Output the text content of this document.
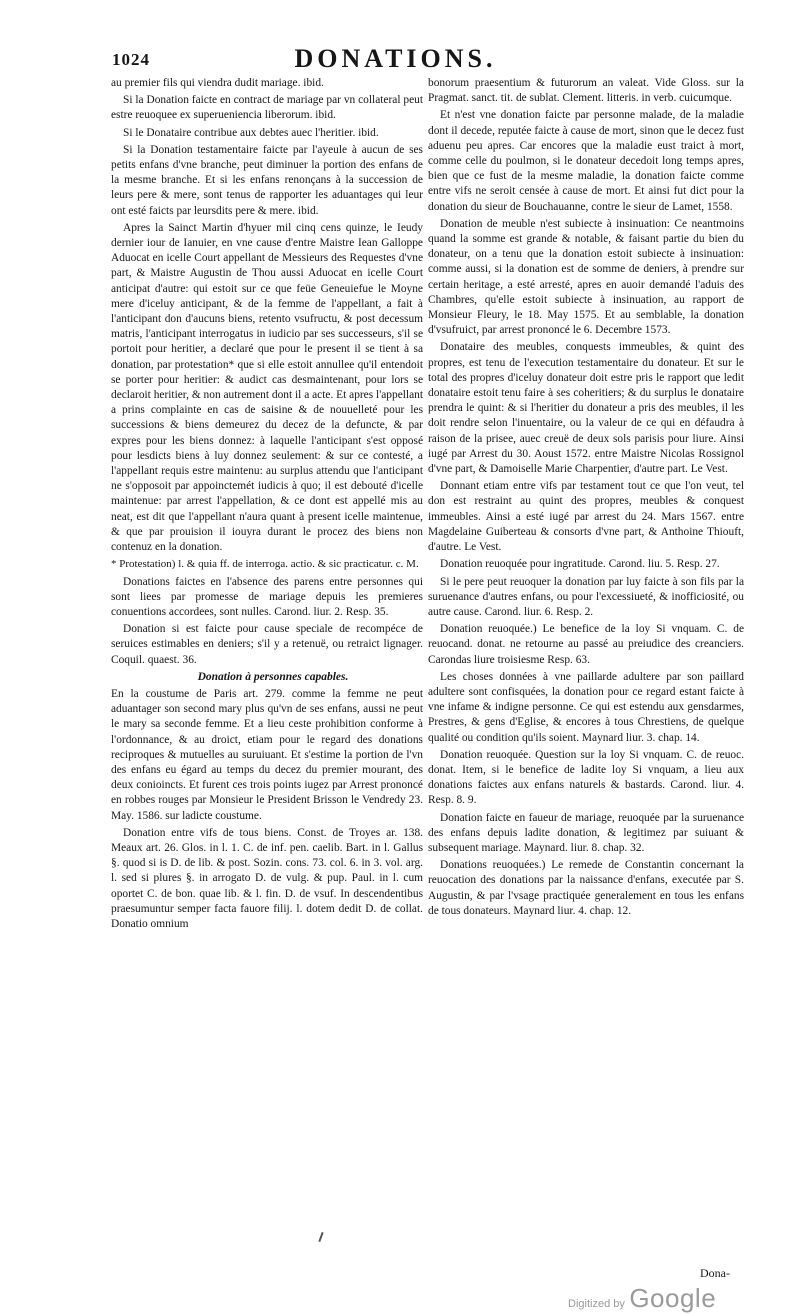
1024	DONATIONS.

au premier fils qui viendra dudit mariage. ibid.

Si la Donation faicte en contract de mariage par vn collateral peut estre reuoquee ex superueniencia liberorum. ibid.

Si le Donataire contribue aux debtes auec l'heritier. ibid.

Si la Donation testamentaire faicte par l'ayeule à aucun de ses petits enfans d'vne branche, peut diminuer la portion des enfans de la mesme branche. Et si les enfans renonçans à la succession de leurs pere & mere, sont tenus de rapporter les aduantages qui leur ont esté faicts par leursdits pere & mere. ibid.

Apres la Sainct Martin d'hyuer mil cinq cens quinze, le Ieudy dernier iour de Ianuier, en vne cause d'entre Maistre Iean Galloppe Aduocat en icelle Court appellant de Messieurs des Requestes d'vne part, & Maistre Augustin de Thou aussi Aduocat en icelle Court anticipat d'autre: qui estoit sur ce que feüe Geneuiefue le Moyne mere d'iceluy anticipant, & de la femme de l'appellant, a fait à l'anticipant don d'aucuns biens, retento vsufructu, & post decessum matris, l'anticipant interrogatus in iudicio par ses successeurs, s'il se portoit pour heritier, a declaré que pour le present il se tient à sa donation, par protestation* que si elle estoit annullee qu'il entendoit se porter pour heritier: & audict cas desmaintenant, pour lors se declaroit heritier, & non autrement dont il a acte. Et apres l'appellant a prins complainte en cas de saisine & de nouuelleté pour les successions & biens demeurez du decez de la defuncte, & par expres pour les biens donnez: à laquelle l'anticipant s'est opposé pour lesdicts biens à luy donnez seulement: & sur ce contesté, a l'appellant requis estre maintenu: au surplus attendu que l'anticipant ne s'opposoit par appoinctemét iudicis à quo; il est debouté d'icelle maintenue: par arrest l'appellation, & ce dont est appellé mis au neat, est dit que l'appellant n'aura quant à present icelle maintenue, & que par prouision il iouyra durant le procez des biens non contenuz en la donation.

* Protestation) l. & quia ff. de interroga. actio. & sic practicatur. c. M.

Donations faictes en l'absence des parens entre personnes qui sont liees par promesse de mariage depuis les premieres conuentions accordees, sont nulles. Carond. liur. 2. Resp. 35.

Donation si est faicte pour cause speciale de recompéce de seruices estimables en deniers; s'il y a retenuë, ou retraict lignager. Coquil. quaest. 36.

Donation à personnes capables.

En la coustume de Paris art. 279. comme la femme ne peut aduantager son second mary plus qu'vn de ses enfans, aussi ne peut le mary sa seconde femme. Et a lieu ceste prohibition conforme à l'ordonnance, & au droict, etiam pour le regard des donations reciproques & mutuelles au suruiuant. Et s'estime la portion de l'vn des enfans eu égard au temps du decez du premier mourant, des deux conioincts. Et furent ces trois points iugez par Arrest prononcé en robbes rouges par Monsieur le President Brisson le Vendredy 23. May. 1586. sur ladicte coustume.

Donation entre vifs de tous biens. Const. de Troyes ar. 138. Meaux art. 26. Glos. in l. 1. C. de inf. pen. caelib. Bart. in l. Gallus §. quod si is D. de lib. & post. Sozin. cons. 73. col. 6. in 3. vol. arg. l. sed si plures §. in arrogato D. de vulg. & pup. Paul. in l. cum oportet C. de bon. quae lib. & l. fin. D. de vsuf. In descendentibus praesumuntur semper facta fauore filij. l. dotem dedit D. de collat. Donatio omnium

bonorum praesentium & futurorum an valeat. Vide Gloss. sur la Pragmat. sanct. tit. de sublat. Clement. litteris. in verb. cuicumque.

Et n'est vne donation faicte par personne malade, de la maladie dont il decede, reputée faicte à cause de mort, sinon que le decez fust aduenu peu apres. Car encores que la maladie eust traict à mort, comme celle du poulmon, si le donateur decedoit long temps apres, bien que ce fust de la mesme maladie, la donation faicte comme entre vifs ne seroit censée à cause de mort. Et ainsi fut dict pour la donation du sieur de Bouchauanne, contre le sieur de Lamet, 1558.

Donation de meuble n'est subiecte à insinuation: Ce neantmoins quand la somme est grande & notable, & faisant partie du bien du donateur, on a tenu que la donation estoit subiecte à insinuation: comme aussi, si la donation est de somme de deniers, à prendre sur certain heritage, a esté arresté, apres en auoir demandé l'aduis des Chambres, qu'elle estoit subiecte à insinuation, au rapport de Monsieur Fleury, le 18. May 1575. Et au semblable, la donation d'vsufruict, par arrest prononcé le 6. Decembre 1573.

Donataire des meubles, conquests immeubles, & quint des propres, est tenu de l'execution testamentaire du donateur. Et sur le total des propres d'iceluy donateur doit estre pris le rapport que ledit donataire estoit tenu faire à ses coheritiers; & du surplus le donataire prendra le quint: & si l'heritier du donateur a pris des meubles, il les doit rendre selon l'inuentaire, ou la valeur de ce qui en défaudra à raison de la prisee, auec creuë de deux sols parisis pour liure. Ainsi iugé par Arrest du 30. Aoust 1572. entre Maistre Nicolas Rossignol d'vne part, & Damoiselle Marie Charpentier, d'autre part. Le Vest.

Donnant etiam entre vifs par testament tout ce que l'on veut, tel don est restraint au quint des propres, meubles & conquest immeubles. Ainsi a esté iugé par arrest du 24. Mars 1567. entre Magdelaine Guiberteau & consorts d'vne part, & Anthoine Thiouft, d'autre. Le Vest.

Donation reuoquée pour ingratitude. Carond. liu. 5. Resp. 27.

Si le pere peut reuoquer la donation par luy faicte à son fils par la suruenance d'autres enfans, ou pour l'excessiueté, & inofficiosité, ou autre cause. Carond. liur. 6. Resp. 2.

Donation reuoquée.) Le benefice de la loy Si vnquam. C. de reuocand. donat. ne retourne au passé au preiudice des creanciers. Carondas liure troisiesme Resp. 63.

Les choses données à vne paillarde adultere par son paillard adultere sont confisquées, la donation pour ce regard estant faicte à vne infame & indigne personne. Ce qui est estendu aux gensdarmes, Prestres, & gens d'Eglise, & encores à tous Chrestiens, de quelque qualité ou condition qu'ils soient. Maynard liur. 3. chap. 14.

Donation reuoquée. Question sur la loy Si vnquam. C. de reuoc. donat. Item, si le benefice de ladite loy Si vnquam, a lieu aux donations faictes aux enfans naturels & bastards. Carond. liur. 4. Resp. 8. 9.

Donation faicte en faueur de mariage, reuoquée par la suruenance des enfans depuis ladite donation, & legitimez par suiuant & subsequent mariage. Maynard. liur. 8. chap. 32.

Donations reuoquées.) Le remede de Constantin concernant la reuocation des donations par la naissance d'enfans, executée par S. Augustin, & par l'vsage practiquée generalement en tous les enfans de tous donateurs. Maynard liur. 4. chap. 12.

Dona-
Digitized by Google
